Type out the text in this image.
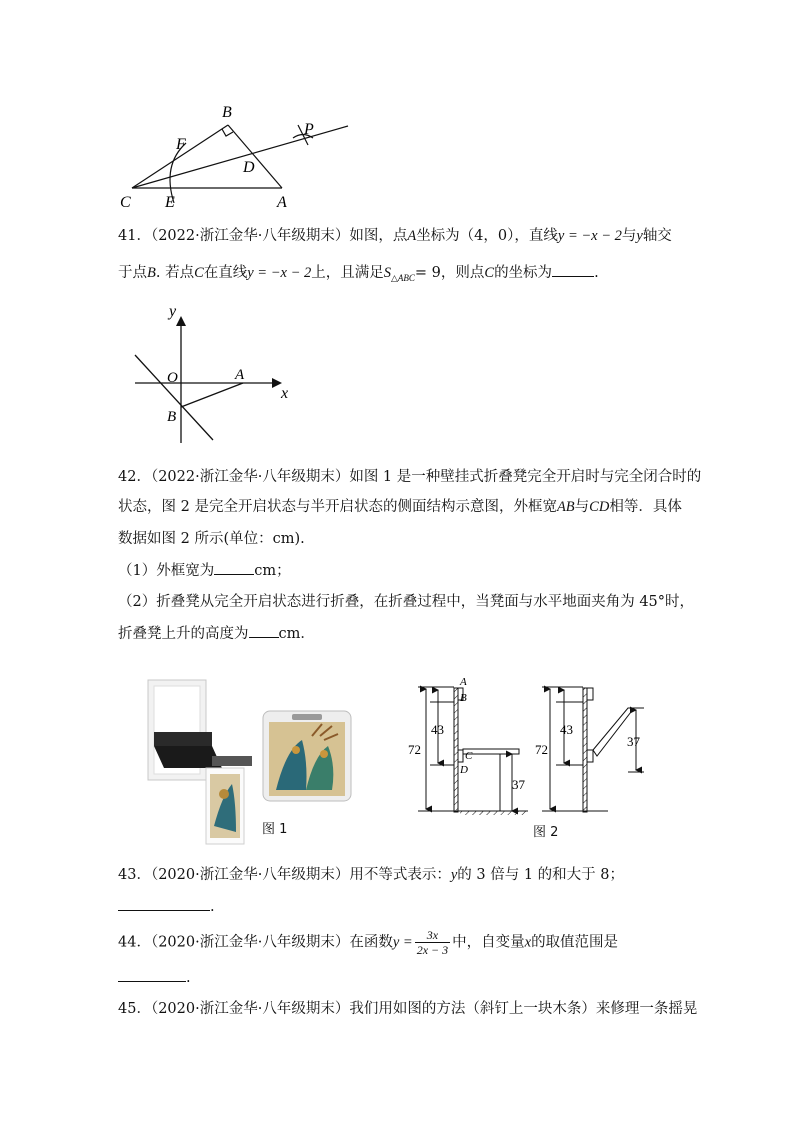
B
F
P
D
C E	A
41．（2022·浙江金华·八年级期末）如图，点A坐标为（4，0），直线y = −x − 2与y轴交
于点B. 若点C在直线y = −x − 2上，且满足$S_{\triangle ABC}= 9$，则点C的坐标为	.
y
x
O	A
B
42．（2022·浙江金华·八年级期末）如图 1 是一种壁挂式折叠凳完全开启时与完全闭合时的
状态，图 2 是完全开启状态与半开启状态的侧面结构示意图，外框宽AB与CD相等．具体
数据如图 2 所示(单位：cm).
（1）外框宽为	cm；
（2）折叠凳从完全开启状态进行折叠，在折叠过程中，当凳面与水平地面夹角为 45°时，
折叠凳上升的高度为 cm．
图 1
72
43
37
72
43
37
A
B
C
D
图 2
43．（2020·浙江金华·八年级期末）用不等式表示：y的 3 倍与 1 的和大于 8；
.
44．（2020·浙江金华·八年级期末）在函数$y = \frac{3x}{2x - 3}$ 中，自变量x的取值范围是
.
45．（2020·浙江金华·八年级期末）我们用如图的方法（斜钉上一块木条）来修理一条摇晃
